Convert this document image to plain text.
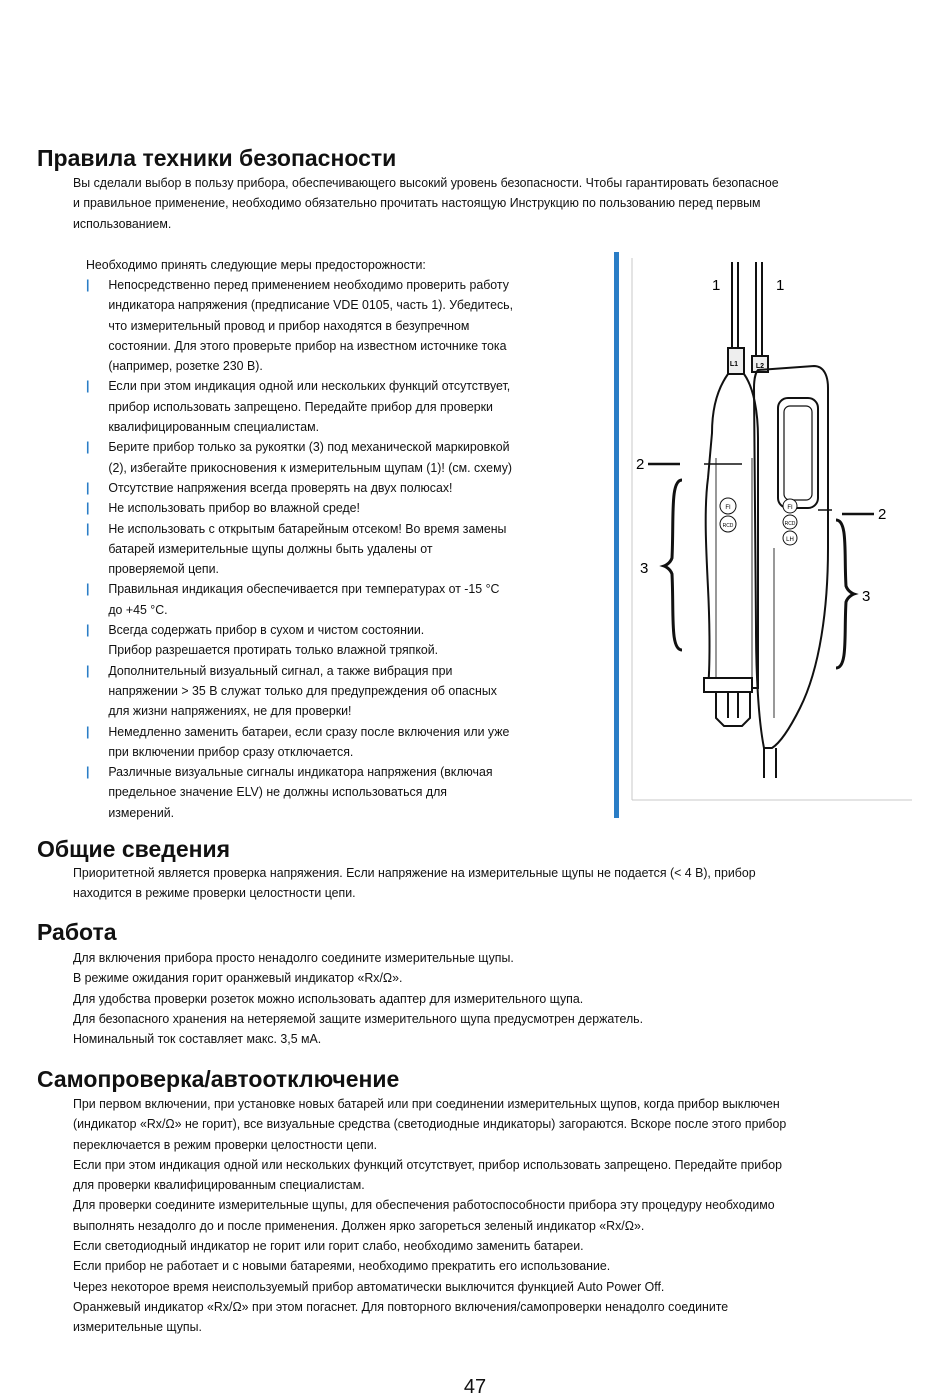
Правила техники безопасности

Вы сделали выбор в пользу прибора, обеспечивающего высокий уровень безопасности. Чтобы гарантировать безопасное
и правильное применение, необходимо обязательно прочитать настоящую Инструкцию по пользованию перед первым
использованием.

Необходимо принять следующие меры предосторожности:

| Непосредственно перед применением необходимо проверить работу
индикатора напряжения (предписание VDE 0105, часть 1). Убедитесь,
что измерительный провод и прибор находятся в безупречном
состоянии. Для этого проверьте прибор на известном источнике тока
(например, розетке 230 В).
| Если при этом индикация одной или нескольких функций отсутствует,
прибор использовать запрещено. Передайте прибор для проверки
квалифицированным специалистам.
| Берите прибор только за рукоятки (3) под механической маркировкой
(2), избегайте прикосновения к измерительным щупам (1)! (см. схему)
| Отсутствие напряжения всегда проверять на двух полюсах!
| Не использовать прибор во влажной среде!
| Не использовать с открытым батарейным отсеком! Во время замены
батарей измерительные щупы должны быть удалены от
проверяемой цепи.
| Правильная индикация обеспечивается при температурах от -15 °C
до +45 °C.
| Всегда содержать прибор в сухом и чистом состоянии.
Прибор разрешается протирать только влажной тряпкой.
| Дополнительный визуальный сигнал, а также вибрация при
напряжении > 35 В служат только для предупреждения об опасных
для жизни напряжениях, не для проверки!
| Немедленно заменить батареи, если сразу после включения или уже
при включении прибор сразу отключается.
| Различные визуальные сигналы индикатора напряжения (включая
предельное значение ELV) не должны использоваться для
измерений.
FI
RCD
FI
RCD
LH
L1	L2
1	1
2
2
3
3
Общие сведения

Приоритетной является проверка напряжения. Если напряжение на измерительные щупы не подается (< 4 В), прибор
находится в режиме проверки целостности цепи.

Работа

Для включения прибора просто ненадолго соедините измерительные щупы.
В режиме ожидания горит оранжевый индикатор «Rx/Ω».
Для удобства проверки розеток можно использовать адаптер для измерительного щупа.
Для безопасного хранения на нетеряемой защите измерительного щупа предусмотрен держатель.
Номинальный ток составляет макс. 3,5 мА.

Самопроверка/автоотключение

При первом включении, при установке новых батарей или при соединении измерительных щупов, когда прибор выключен
(индикатор «Rx/Ω» не горит), все визуальные средства (светодиодные индикаторы) загораются. Вскоре после этого прибор
переключается в режим проверки целостности цепи.
Если при этом индикация одной или нескольких функций отсутствует, прибор использовать запрещено. Передайте прибор
для проверки квалифицированным специалистам.
Для проверки соедините измерительные щупы, для обеспечения работоспособности прибора эту процедуру необходимо
выполнять незадолго до и после применения. Должен ярко загореться зеленый индикатор «Rx/Ω».
Если светодиодный индикатор не горит или горит слабо, необходимо заменить батареи.
Если прибор не работает и с новыми батареями, необходимо прекратить его использование.
Через некоторое время неиспользуемый прибор автоматически выключится функцией Auto Power Off.
Оранжевый индикатор «Rx/Ω» при этом погаснет. Для повторного включения/самопроверки ненадолго соедините
измерительные щупы.

47
